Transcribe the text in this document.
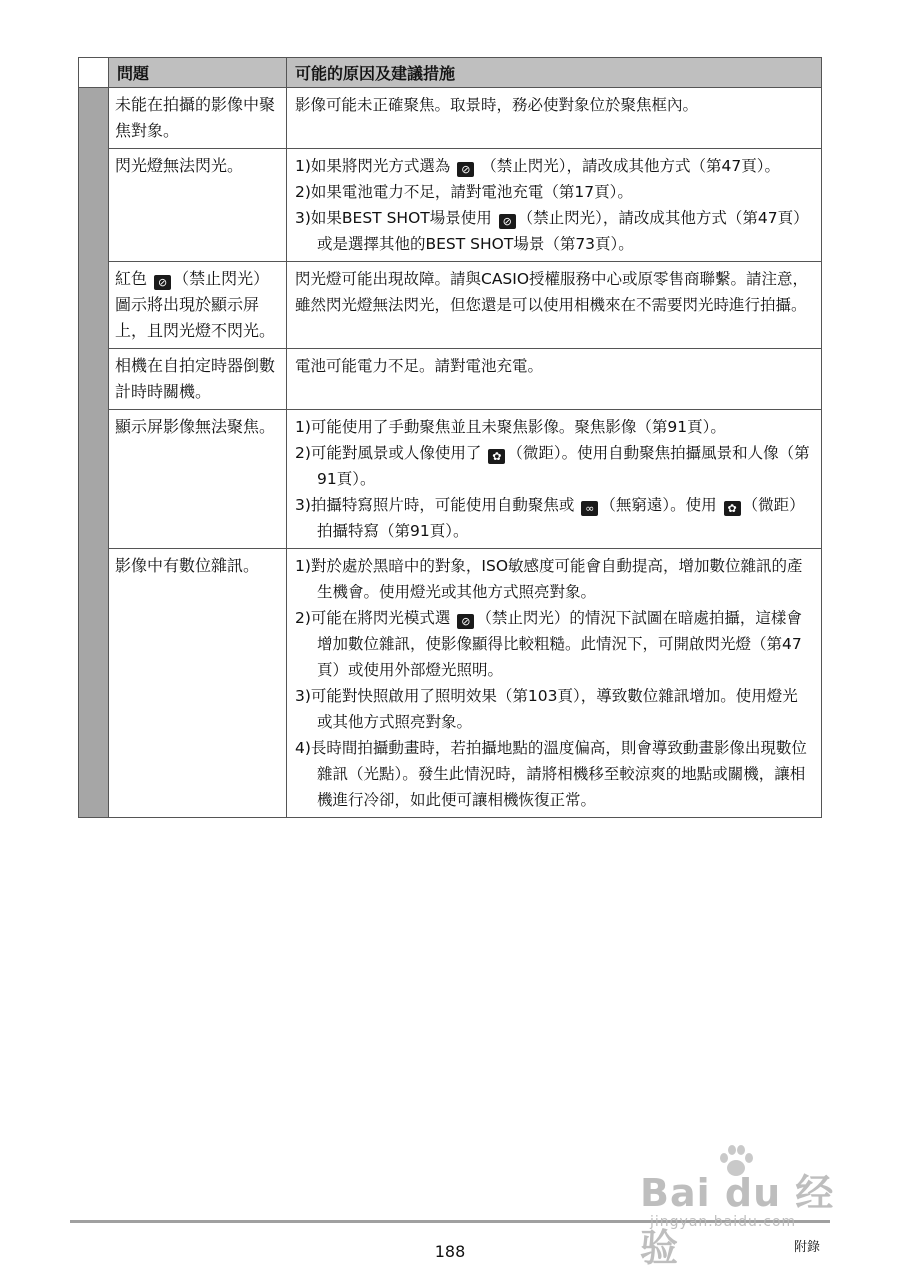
	問題	可能的原因及建議措施
	未能在拍攝的影像中聚焦對象。	影像可能未正確聚焦。取景時，務必使對象位於聚焦框內。

	閃光燈無法閃光。	1)如果將閃光方式選為 ⊘ （禁止閃光），請改成其他方式（第47頁）。
2)如果電池電力不足，請對電池充電（第17頁）。
3)如果BEST SHOT場景使用 ⊘ （禁止閃光），請改成其他方式（第47頁）或是選擇其他的BEST SHOT場景（第73頁）。

	紅色 ⊘ （禁止閃光）圖示將出現於顯示屏上，且閃光燈不閃光。	閃光燈可能出現故障。請與CASIO授權服務中心或原零售商聯繫。請注意，雖然閃光燈無法閃光，但您還是可以使用相機來在不需要閃光時進行拍攝。

	相機在自拍定時器倒數計時時關機。	電池可能電力不足。請對電池充電。

	顯示屏影像無法聚焦。	1)可能使用了手動聚焦並且未聚焦影像。聚焦影像（第91頁）。
2)可能對風景或人像使用了 ✿ （微距）。使用自動聚焦拍攝風景和人像（第91頁）。
3)拍攝特寫照片時，可能使用自動聚焦或 ∞ （無窮遠）。使用 ✿ （微距）拍攝特寫（第91頁）。

	影像中有數位雜訊。	1)對於處於黑暗中的對象，ISO敏感度可能會自動提高，增加數位雜訊的產生機會。使用燈光或其他方式照亮對象。
2)可能在將閃光模式選 ⊘ （禁止閃光）的情況下試圖在暗處拍攝，這樣會增加數位雜訊，使影像顯得比較粗糙。此情況下，可開啟閃光燈（第47頁）或使用外部燈光照明。
3)可能對快照啟用了照明效果（第103頁），導致數位雜訊增加。使用燈光或其他方式照亮對象。
4)長時間拍攝動畫時，若拍攝地點的溫度偏高，則會導致動畫影像出現數位雜訊（光點）。發生此情況時，請將相機移至較涼爽的地點或關機，讓相機進行冷卻，如此便可讓相機恢復正常。
188	附錄
Bai du 经验
jingyan.baidu.com
